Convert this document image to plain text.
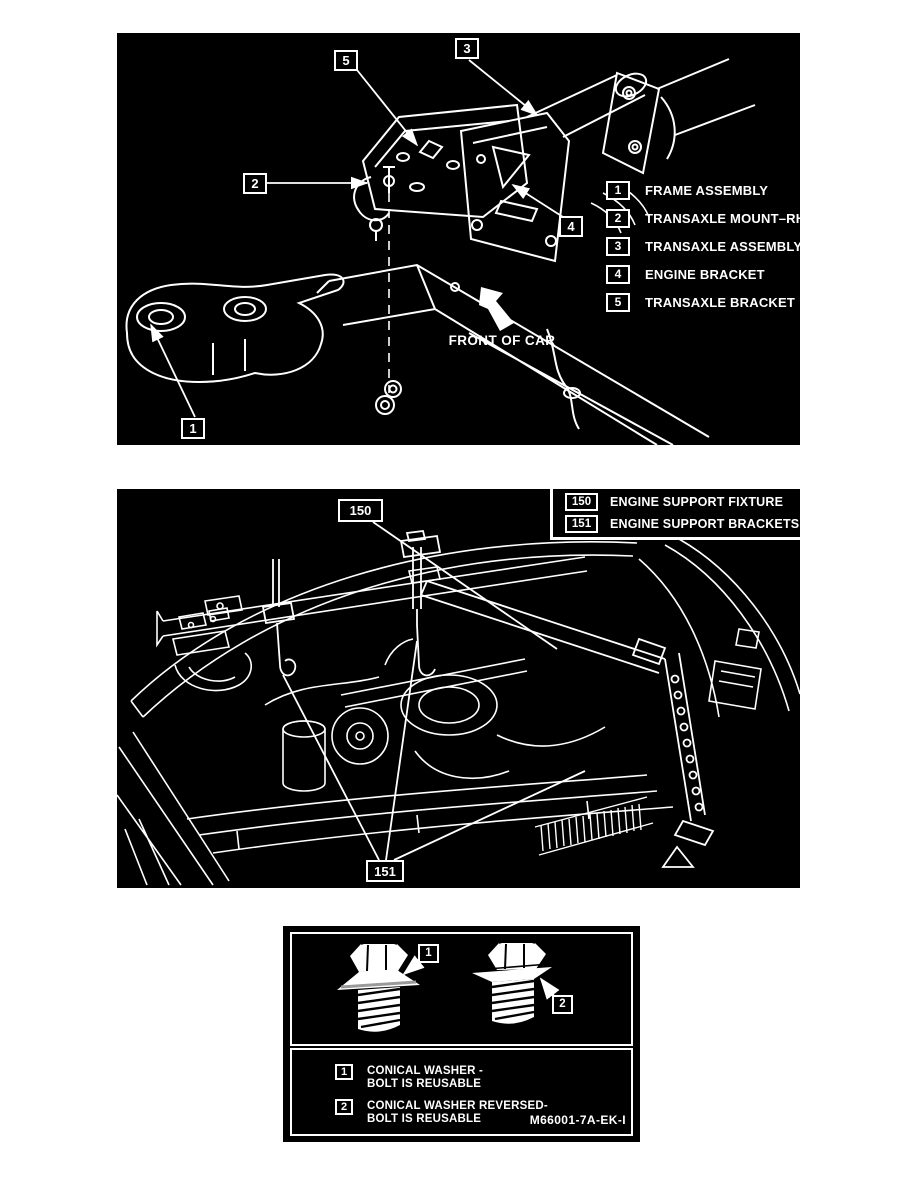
5
3
2
4
1
1	FRAME ASSEMBLY
2	TRANSAXLE MOUNT–RH
3	TRANSAXLE ASSEMBLY
4	ENGINE BRACKET
5	TRANSAXLE BRACKET
FRONT OF CAR
150
151
150	ENGINE SUPPORT FIXTURE
151	ENGINE SUPPORT BRACKETS
1
2
1	CONICAL WASHER -
BOLT IS REUSABLE
2	CONICAL WASHER REVERSED-
BOLT IS REUSABLE	M66001-7A-EK-I
